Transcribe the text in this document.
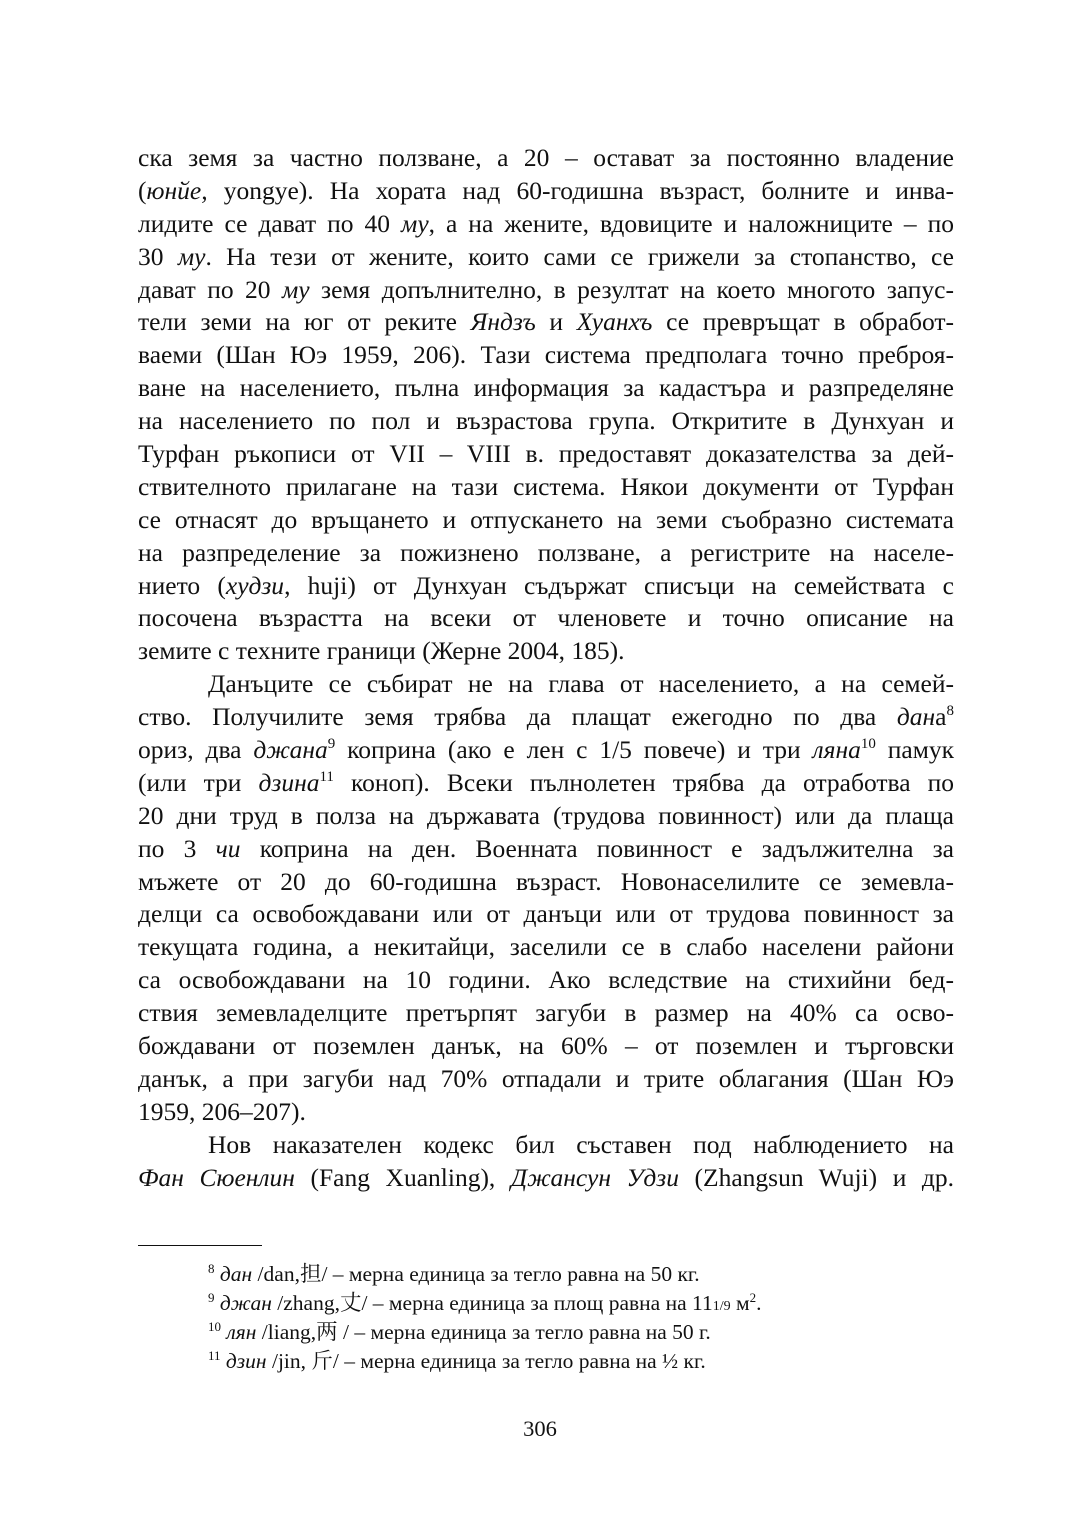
ска земя за частно ползване, а 20 – остават за постоянно владение
(юнйе, yongye). На хората над 60-годишна възраст, болните и инва-
лидите се дават по 40 му, а на жените, вдовиците и наложниците – по
30 му. На тези от жените, които сами се грижели за стопанство, се
дават по 20 му земя допълнително, в резултат на което многото запус-
тели земи на юг от реките Яндзъ и Хуанхъ се превръщат в обработ-
ваеми (Шан Юэ 1959, 206). Тази система предполага точно преброя-
ване на населението, пълна информация за кадастъра и разпределяне
на населението по пол и възрастова група. Откритите в Дунхуан и
Турфан ръкописи от VII – VIII в. предоставят доказателства за дей-
ствителното прилагане на тази система. Някои документи от Турфан
се отнасят до връщането и отпускането на земи съобразно системата
на разпределение за пожизнено ползване, а регистрите на населе-
нието (худзи, huji) от Дунхуан съдържат списъци на семействата с
посочена възрастта на всеки от членовете и точно описание на
земите с техните граници (Жерне 2004, 185).
Данъците се събират не на глава от населението, а на семей-
ство. Получилите земя трябва да плащат ежегодно по два дана$^8$
ориз, два джана$^9$ коприна (ако е лен с 1/5 повече) и три ляна$^{10}$ памук
(или три дзина$^{11}$ коноп). Всеки пълнолетен трябва да отработва по
20 дни труд в полза на държавата (трудова повинност) или да плаща
по 3 чи коприна на ден. Военната повинност е задължителна за
мъжете от 20 до 60-годишна възраст. Новонаселилите се земевла-
делци са освобождавани или от данъци или от трудова повинност за
текущата година, а некитайци, заселили се в слабо населени райони
са освобождавани на 10 години. Ако вследствие на стихийни бед-
ствия земевладелците претърпят загуби в размер на 40% са осво-
бождавани от поземлен данък, на 60% – от поземлен и търговски
данък, а при загуби над 70% отпадали и трите облагания (Шан Юэ
1959, 206–207).
Нов наказателен кодекс бил съставен под наблюдението на
Фан Сюенлин (Fang Xuanling), Джансун Удзи (Zhangsun Wuji) и др.
$^8$ дан /dan,担/ – мерна единица за тегло равна на 50 кг.
$^9$ джан /zhang,丈/ – мерна единица за площ равна на 111/9 $м^2$.
$^{10}$ лян /liang,两 / – мерна единица за тегло равна на 50 г.
$^{11}$ дзин /jin, 斤/ – мерна единица за тегло равна на ½ кг.
306
